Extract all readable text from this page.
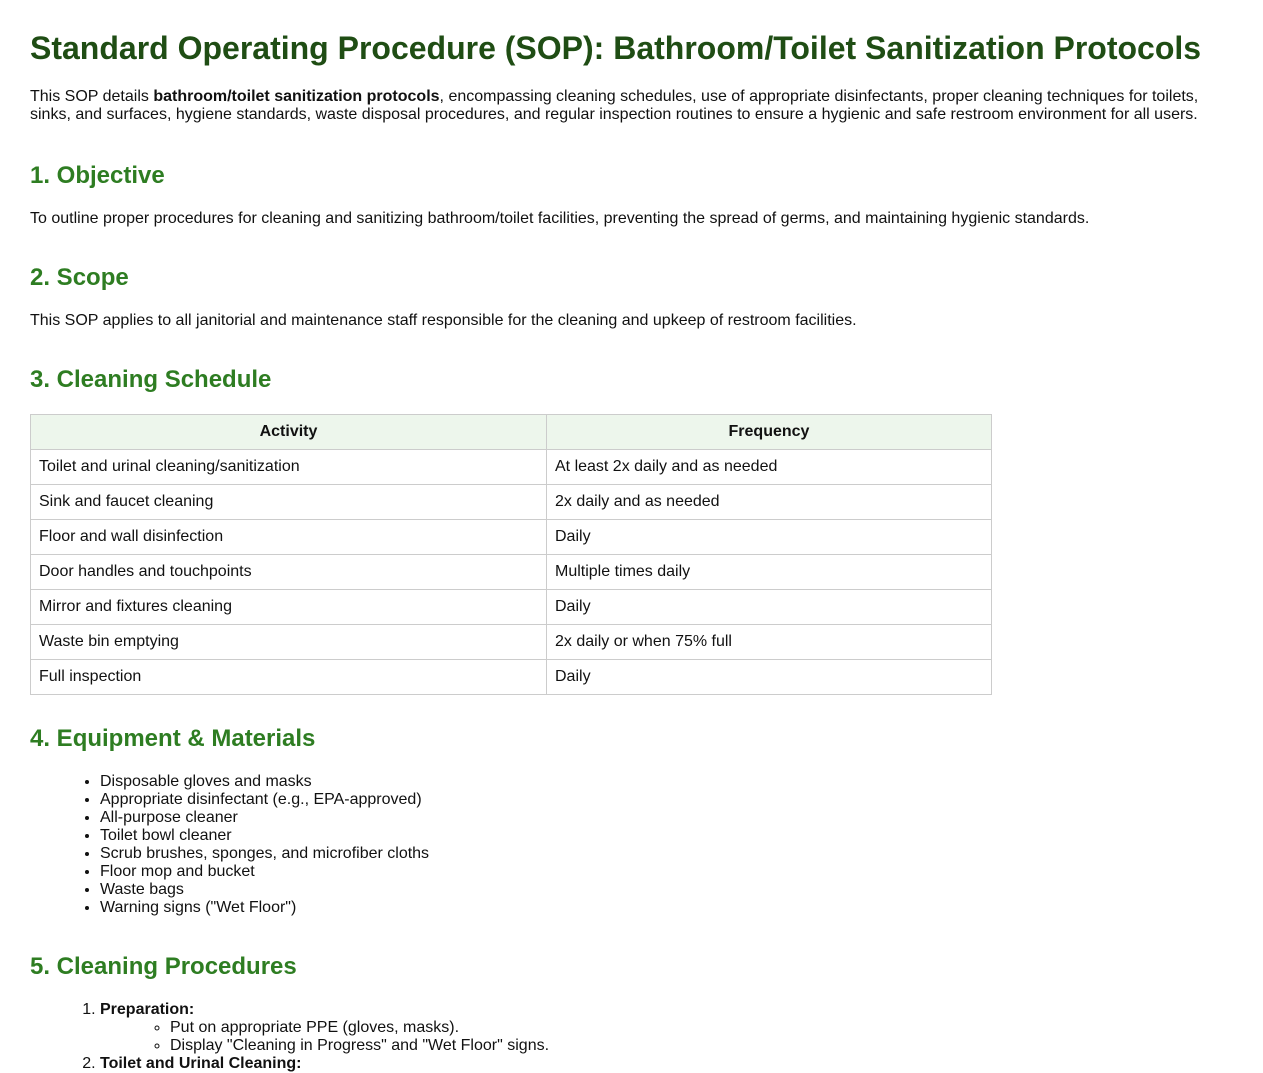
Standard Operating Procedure (SOP): Bathroom/Toilet Sanitization Protocols

This SOP details bathroom/toilet sanitization protocols, encompassing cleaning schedules, use of appropriate disinfectants, proper cleaning techniques for toilets, sinks, and surfaces, hygiene standards, waste disposal procedures, and regular inspection routines to ensure a hygienic and safe restroom environment for all users.

1. Objective

To outline proper procedures for cleaning and sanitizing bathroom/toilet facilities, preventing the spread of germs, and maintaining hygienic standards.

2. Scope

This SOP applies to all janitorial and maintenance staff responsible for the cleaning and upkeep of restroom facilities.

3. Cleaning Schedule
Activity	Frequency
Toilet and urinal cleaning/sanitization	At least 2x daily and as needed
Sink and faucet cleaning	2x daily and as needed
Floor and wall disinfection	Daily
Door handles and touchpoints	Multiple times daily
Mirror and fixtures cleaning	Daily
Waste bin emptying	2x daily or when 75% full
Full inspection	Daily
4. Equipment & Materials
• Disposable gloves and masks
• Appropriate disinfectant (e.g., EPA-approved)
• All-purpose cleaner
• Toilet bowl cleaner
• Scrub brushes, sponges, and microfiber cloths
• Floor mop and bucket
• Waste bags
• Warning signs ("Wet Floor")
5. Cleaning Procedures
1. Preparation:
◦ Put on appropriate PPE (gloves, masks).
◦ Display "Cleaning in Progress" and "Wet Floor" signs.
2. Toilet and Urinal Cleaning:
